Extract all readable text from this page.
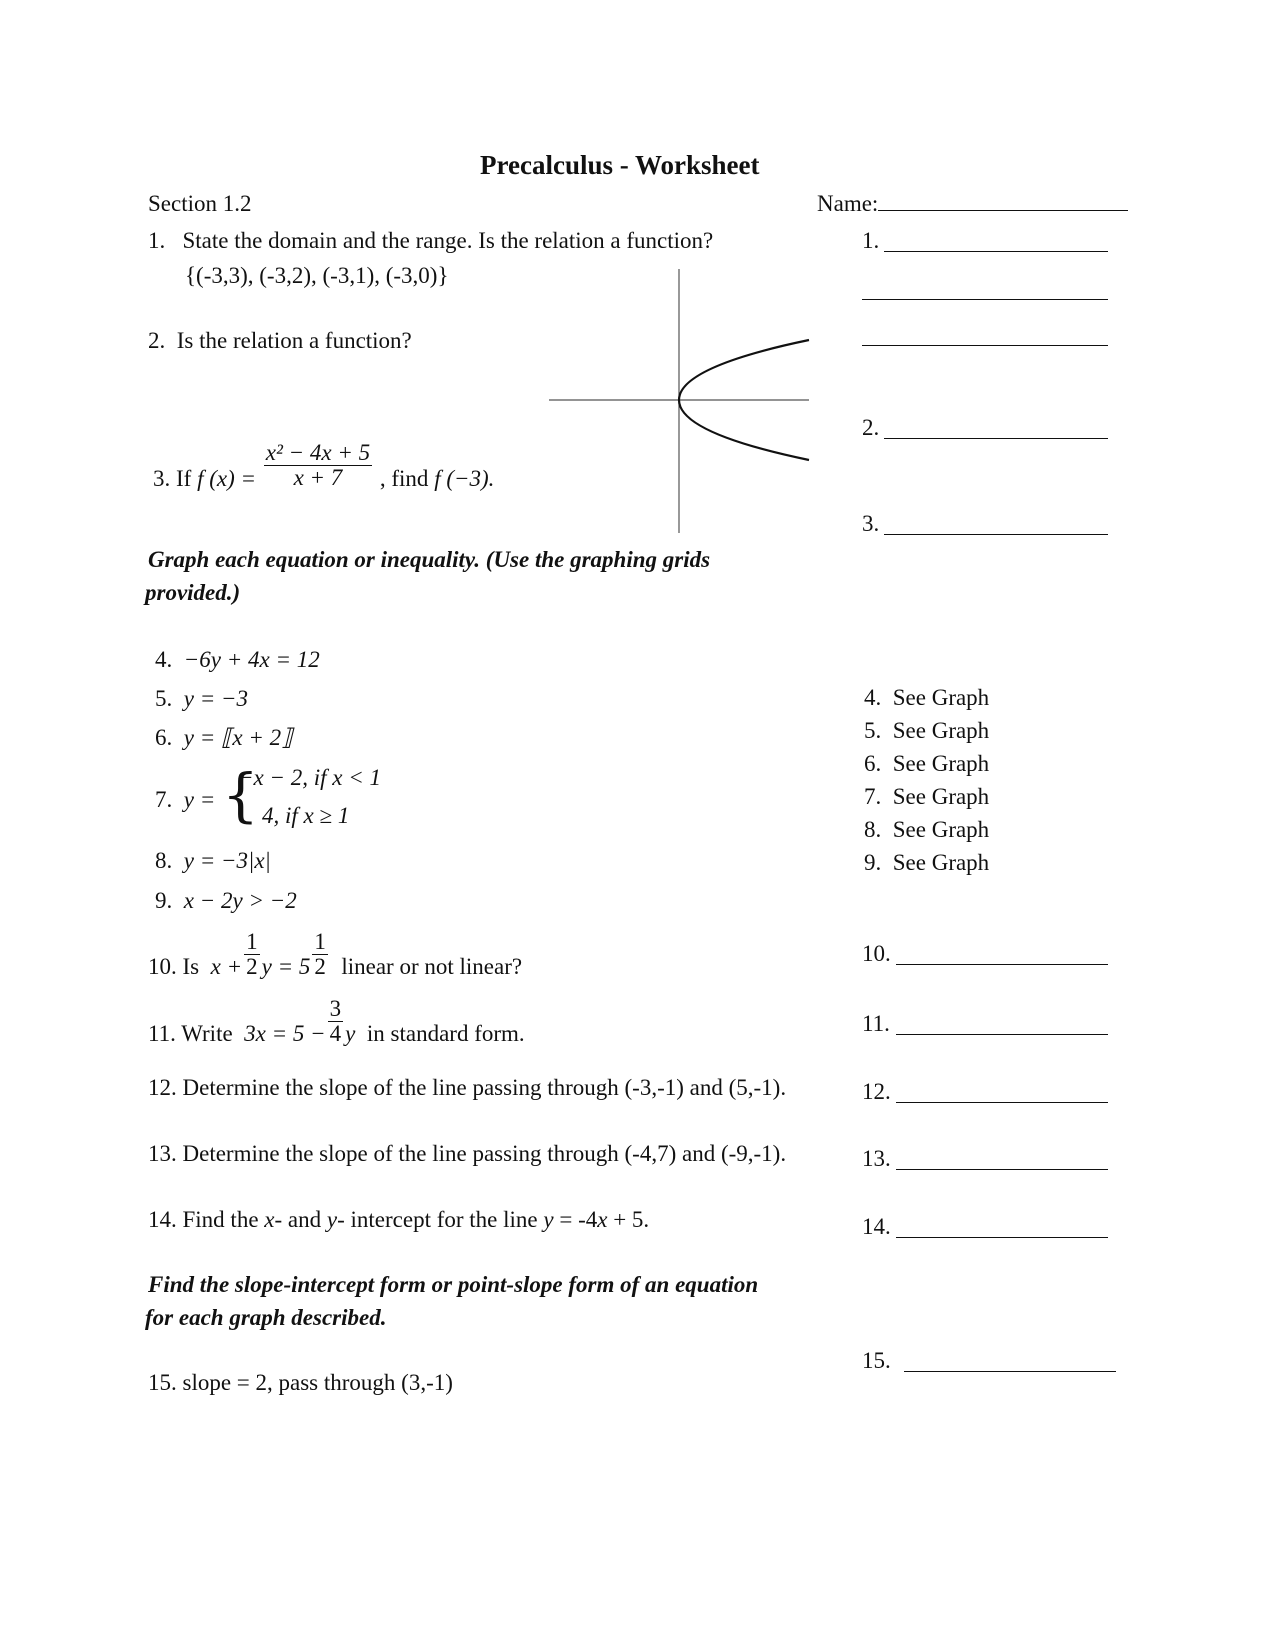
Precalculus - Worksheet
Section 1.2	Name:
1. State the domain and the range. Is the relation a function?
{(-3,3), (-3,2), (-3,1), (-3,0)}
2. Is the relation a function?
3. If f $(x) = \frac{\text{x² − 4x + 5}}{x + 7}$ , find f (−3).
Graph each equation or inequality. (Use the graphing grids
provided.)
4. −6y + 4x = 12
5. y = −3
6. y = ⟦x + 2⟧
7. y = {
−x − 2, if x < 1
4, if x ≥ 1
8. y = −3|x|
9. x − 2y > −2
10. Is $x + \frac{1}{2}$ $y = 5 \frac{1}{2}$ linear or not linear?
11. Write $3x = 5 - \frac{3}{4}$ y in standard form.
12. Determine the slope of the line passing through (-3,-1) and (5,-1).
13. Determine the slope of the line passing through (-4,7) and (-9,-1).
14. Find the x- and y- intercept for the line y = -4x + 5.
Find the slope-intercept form or point-slope form of an equation
for each graph described.
15. slope = 2, pass through (3,-1)
1.
2.
3.
4. See Graph
5. See Graph
6. See Graph
7. See Graph
8. See Graph
9. See Graph
10.
11.
12.
13.
14.
15.
